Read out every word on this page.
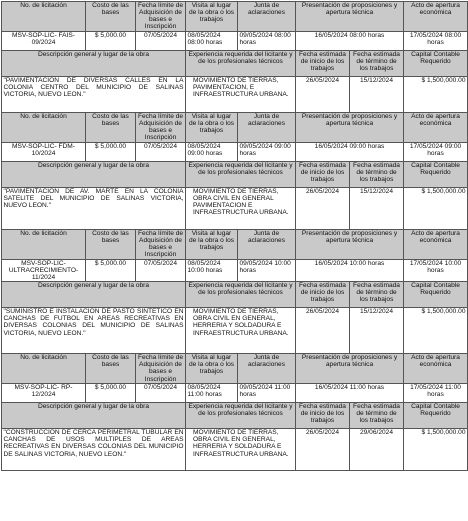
No. de licitación	Costo de las bases	Fecha límite de Adquisición de bases e Inscripción	Visita al lugar de la obra o los trabajos	Junta de aclaraciones	Presentación de proposiciones y apertura técnica		Acto de apertura económica
MSV-SOP-LIC- FAIS-09/2024	$ 5,000.00	07/05/2024	08/05/2024 08:00 horas	09/05/2024 08:00 horas	16/05/2024 08:00 horas		17/05/2024 08:00 horas
Descripción general y lugar de la obra			Experiencia requerida del licitante y de los profesionales técnicos		Fecha estimada de inicio de los trabajos	Fecha estimada de término de los trabajos	Capital Contable Requerido
"PAVIMENTACION DE DIVERSAS CALLES EN LA COLONIA CENTRO DEL MUNICIPIO DE SALINAS VICTORIA, NUEVO LEON."			MOVIMIENTO DE TIERRAS, PAVIMENTACION, E INFRAESTRUCTURA URBANA.		26/05/2024	15/12/2024	$ 1,500,000.00
No. de licitación	Costo de las bases	Fecha límite de Adquisición de bases e Inscripción	Visita al lugar de la obra o los trabajos	Junta de aclaraciones	Presentación de proposiciones y apertura técnica		Acto de apertura económica
MSV-SOP-LIC- FDM-10/2024	$ 5,000.00	07/05/2024	08/05/2024 09:00 horas	09/05/2024 09:00 horas	16/05/2024 09:00 horas		17/05/2024 09:00 horas
Descripción general y lugar de la obra			Experiencia requerida del licitante y de los profesionales técnicos		Fecha estimada de inicio de los trabajos	Fecha estimada de término de los trabajos	Capital Contable Requerido
"PAVIMENTACION DE AV. MARTE EN LA COLONIA SATELITE DEL MUNICIPIO DE SALINAS VICTORIA, NUEVO LEON."			MOVIMIENTO DE TIERRAS, OBRA CIVIL EN GENERAL PAVIMENTACION E INFRAESTRUCTURA URBANA.		26/05/2024	15/12/2024	$ 1,500,000.00
No. de licitación	Costo de las bases	Fecha límite de Adquisición de bases e Inscripción	Visita al lugar de la obra o los trabajos	Junta de aclaraciones	Presentación de proposiciones y apertura técnica		Acto de apertura económica
MSV-SOP-LIC- ULTRACRECIMIENTO-11/2024	$ 5,000.00	07/05/2024	08/05/2024 10:00 horas	09/05/2024 10:00 horas	16/05/2024 10:00 horas		17/05/2024 10:00 horas
Descripción general y lugar de la obra			Experiencia requerida del licitante y de los profesionales técnicos		Fecha estimada de inicio de los trabajos	Fecha estimada de término de los trabajos	Capital Contable Requerido
"SUMINISTRO E INSTALACION DE PASTO SINTETICO EN CANCHAS DE FUTBOL EN AREAS RECREATIVAS EN DIVERSAS COLONIAS DEL MUNICIPIO DE SALINAS VICTORIA, NUEVO LEON."			MOVIMIENTO DE TIERRAS, OBRA CIVIL EN GENERAL, HERRERIA Y SOLDADURA E INFRAESTRUCTURA URBANA.		26/05/2024	15/12/2024	$ 1,500,000.00
No. de licitación	Costo de las bases	Fecha límite de Adquisición de bases e Inscripción	Visita al lugar de la obra o los trabajos	Junta de aclaraciones	Presentación de proposiciones y apertura técnica		Acto de apertura económica
MSV-SOP-LIC- RP-12/2024	$ 5,000.00	07/05/2024	08/05/2024 11:00 horas	09/05/2024 11:00 horas	16/05/2024 11:00 horas		17/05/2024 11:00 horas
Descripción general y lugar de la obra			Experiencia requerida del licitante y de los profesionales técnicos		Fecha estimada de inicio de los trabajos	Fecha estimada de término de los trabajos	Capital Contable Requerido
"CONSTRUCCION DE CERCA PERIMETRAL TUBULAR EN CANCHAS DE USOS MULTIPLES DE AREAS RECREATIVAS EN DIVERSAS COLONIAS DEL MUNICIPIO DE SALINAS VICTORIA, NUEVO LEON."			MOVIMIENTO DE TIERRAS, OBRA CIVIL EN GENERAL, HERRERIA Y SOLDADURA E INFRAESTRUCTURA URBANA.		26/05/2024	29/06/2024	$ 1,500,000.00
